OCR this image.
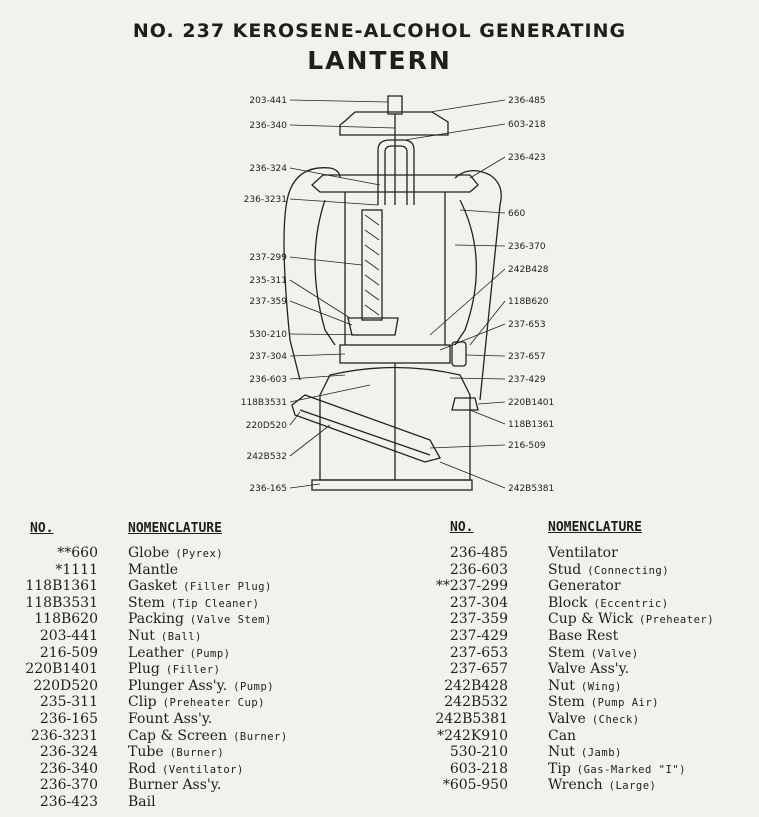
NO. 237 KEROSENE-ALCOHOL GENERATING
LANTERN
203-441
236-340
236-324
236-3231
237-299
235-311
237-359
530-210
237-304
236-603
118B3531
220D520
242B532
236-165
236-485
603-218
236-423
660
236-370
242B428
118B620
237-653
237-657
237-429
220B1401
118B1361
216-509
242B5381
NO.	NOMENCLATURE	NO.	NOMENCLATURE
**660 Globe (Pyrex)
*1111 Mantle
118B1361 Gasket (Filler Plug)
118B3531 Stem (Tip Cleaner)
118B620 Packing (Valve Stem)
203-441 Nut (Ball)
216-509 Leather (Pump)
220B1401 Plug (Filler)
220D520 Plunger Ass'y. (Pump)
235-311 Clip (Preheater Cup)
236-165 Fount Ass'y.
236-3231 Cap & Screen (Burner)
236-324 Tube (Burner)
236-340 Rod (Ventilator)
236-370 Burner Ass'y.
236-423 Bail
236-485	Ventilator
236-603	Stud (Connecting)
**237-299	Generator
237-304	Block (Eccentric)
237-359	Cup & Wick (Preheater)
237-429	Base Rest
237-653	Stem (Valve)
237-657	Valve Ass'y.
242B428	Nut (Wing)
242B532	Stem (Pump Air)
242B5381	Valve (Check)
*242K910	Can
530-210	Nut (Jamb)
603-218	Tip (Gas-Marked "I")
*605-950	Wrench (Large)
